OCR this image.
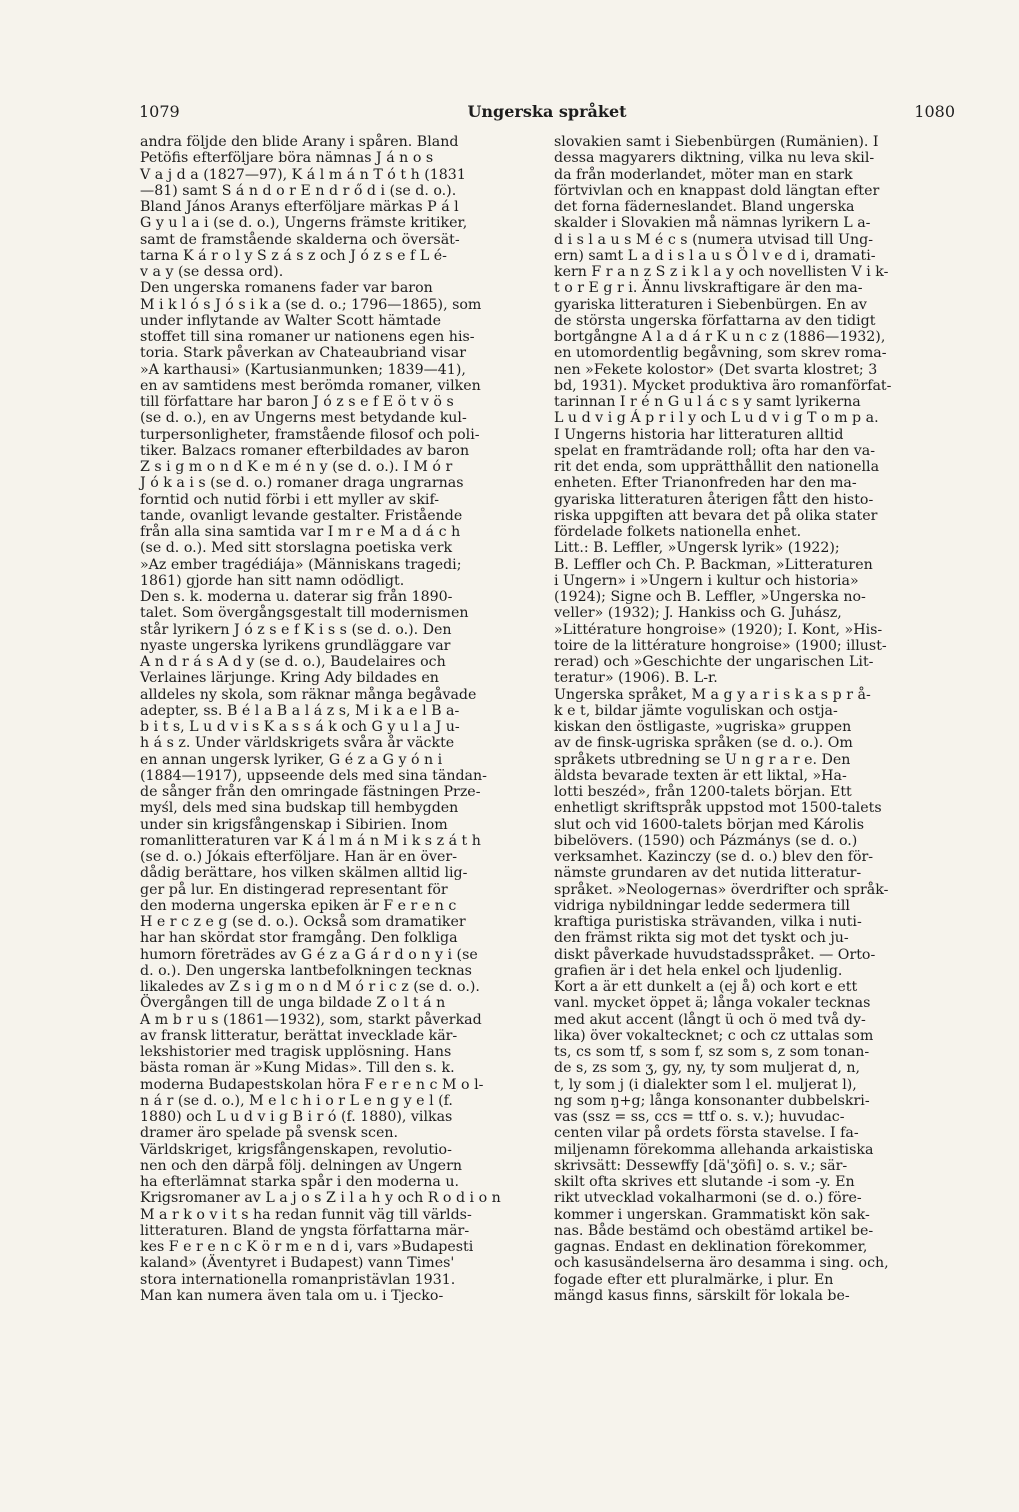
1079	Ungerska språket	1080
andra följde den blide Arany i spåren. Bland
Petöfis efterföljare böra nämnas J á n o s
V a j d a (1827—97), K á l m á n T ó t h (1831
—81) samt S á n d o r E n d r ő d i (se d. o.).
Bland János Aranys efterföljare märkas P á l
G y u l a i (se d. o.), Ungerns främste kritiker,
samt de framstående skalderna och översät-
tarna K á r o l y S z á s z och J ó z s e f L é-
v a y (se dessa ord).
Den ungerska romanens fader var baron
M i k l ó s J ó s i k a (se d. o.; 1796—1865), som
under inflytande av Walter Scott hämtade
stoffet till sina romaner ur nationens egen his-
toria. Stark påverkan av Chateaubriand visar
»A karthausi» (Kartusianmunken; 1839—41),
en av samtidens mest berömda romaner, vilken
till författare har baron J ó z s e f E ö t v ö s
(se d. o.), en av Ungerns mest betydande kul-
turpersonligheter, framstående filosof och poli-
tiker. Balzacs romaner efterbildades av baron
Z s i g m o n d K e m é n y (se d. o.). I M ó r
J ó k a i s (se d. o.) romaner draga ungrarnas
forntid och nutid förbi i ett myller av skif-
tande, ovanligt levande gestalter. Fristående
från alla sina samtida var I m r e M a d á c h
(se d. o.). Med sitt storslagna poetiska verk
»Az ember tragédiája» (Människans tragedi;
1861) gjorde han sitt namn odödligt.
Den s. k. moderna u. daterar sig från 1890-
talet. Som övergångsgestalt till modernismen
står lyrikern J ó z s e f K i s s (se d. o.). Den
nyaste ungerska lyrikens grundläggare var
A n d r á s A d y (se d. o.), Baudelaires och
Verlaines lärjunge. Kring Ady bildades en
alldeles ny skola, som räknar många begåvade
adepter, ss. B é l a B a l á z s, M i k a e l B a-
b i t s, L u d v i s K a s s á k och G y u l a J u-
h á s z. Under världskrigets svåra år väckte
en annan ungersk lyriker, G é z a G y ó n i
(1884—1917), uppseende dels med sina tändan-
de sånger från den omringade fästningen Prze-
myśl, dels med sina budskap till hembygden
under sin krigsfångenskap i Sibirien. Inom
romanlitteraturen var K á l m á n M i k s z á t h
(se d. o.) Jókais efterföljare. Han är en över-
dådig berättare, hos vilken skälmen alltid lig-
ger på lur. En distingerad representant för
den moderna ungerska epiken är F e r e n c
H e r c z e g (se d. o.). Också som dramatiker
har han skördat stor framgång. Den folkliga
humorn företrädes av G é z a G á r d o n y i (se
d. o.). Den ungerska lantbefolkningen tecknas
likaledes av Z s i g m o n d M ó r i c z (se d. o.).
Övergången till de unga bildade Z o l t á n
A m b r u s (1861—1932), som, starkt påverkad
av fransk litteratur, berättat invecklade kär-
lekshistorier med tragisk upplösning. Hans
bästa roman är »Kung Midas». Till den s. k.
moderna Budapestskolan höra F e r e n c M o l-
n á r (se d. o.), M e l c h i o r L e n g y e l (f.
1880) och L u d v i g B i r ó (f. 1880), vilkas
dramer äro spelade på svensk scen.
Världskriget, krigsfångenskapen, revolutio-
nen och den därpå följ. delningen av Ungern
ha efterlämnat starka spår i den moderna u.
Krigsromaner av L a j o s Z i l a h y och R o d i o n
M a r k o v i t s ha redan funnit väg till världs-
litteraturen. Bland de yngsta författarna mär-
kes F e r e n c K ö r m e n d i, vars »Budapesti
kaland» (Äventyret i Budapest) vann Times'
stora internationella romanpristävlan 1931.
Man kan numera även tala om u. i Tjecko-
slovakien samt i Siebenbürgen (Rumänien). I
dessa magyarers diktning, vilka nu leva skil-
da från moderlandet, möter man en stark
förtvivlan och en knappast dold längtan efter
det forna fäderneslandet. Bland ungerska
skalder i Slovakien må nämnas lyrikern L a-
d i s l a u s M é c s (numera utvisad till Ung-
ern) samt L a d i s l a u s Ö l v e d i, dramati-
kern F r a n z S z i k l a y och novellisten V i k-
t o r E g r i. Ännu livskraftigare är den ma-
gyariska litteraturen i Siebenbürgen. En av
de största ungerska författarna av den tidigt
bortgångne A l a d á r K u n c z (1886—1932),
en utomordentlig begåvning, som skrev roma-
nen »Fekete kolostor» (Det svarta klostret; 3
bd, 1931). Mycket produktiva äro romanförfat-
tarinnan I r é n G u l á c s y samt lyrikerna
L u d v i g Á p r i l y och L u d v i g T o m p a.
I Ungerns historia har litteraturen alltid
spelat en framträdande roll; ofta har den va-
rit det enda, som upprätthållit den nationella
enheten. Efter Trianonfreden har den ma-
gyariska litteraturen återigen fått den histo-
riska uppgiften att bevara det på olika stater
fördelade folkets nationella enhet.
Litt.: B. Leffler, »Ungersk lyrik» (1922);
B. Leffler och Ch. P. Backman, »Litteraturen
i Ungern» i »Ungern i kultur och historia»
(1924); Signe och B. Leffler, »Ungerska no-
veller» (1932); J. Hankiss och G. Juhász,
»Littérature hongroise» (1920); I. Kont, »His-
toire de la littérature hongroise» (1900; illust-
rerad) och »Geschichte der ungarischen Lit-
teratur» (1906). B. L-r.
Ungerska språket, M a g y a r i s k a s p r å-
k e t, bildar jämte voguliskan och ostja-
kiskan den östligaste, »ugriska» gruppen
av de finsk-ugriska språken (se d. o.). Om
språkets utbredning se U n g r a r e. Den
äldsta bevarade texten är ett liktal, »Ha-
lotti beszéd», från 1200-talets början. Ett
enhetligt skriftspråk uppstod mot 1500-talets
slut och vid 1600-talets början med Károlis
bibelövers. (1590) och Pázmánys (se d. o.)
verksamhet. Kazinczy (se d. o.) blev den för-
nämste grundaren av det nutida litteratur-
språket. »Neologernas» överdrifter och språk-
vidriga nybildningar ledde sedermera till
kraftiga puristiska strävanden, vilka i nuti-
den främst rikta sig mot det tyskt och ju-
diskt påverkade huvudstadsspråket. — Orto-
grafien är i det hela enkel och ljudenlig.
Kort a är ett dunkelt a (ej å) och kort e ett
vanl. mycket öppet ä; långa vokaler tecknas
med akut accent (långt ü och ö med två dy-
lika) över vokaltecknet; c och cz uttalas som
ts, cs som tf, s som f, sz som s, z som tonan-
de s, zs som ʒ, gy, ny, ty som muljerat d, n,
t, ly som j (i dialekter som l el. muljerat l),
ng som ŋ+g; långa konsonanter dubbelskri-
vas (ssz = ss, ccs = ttf o. s. v.); huvudac-
centen vilar på ordets första stavelse. I fa-
miljenamn förekomma allehanda arkaistiska
skrivsätt: Dessewffy [dä'ʒöfi] o. s. v.; sär-
skilt ofta skrives ett slutande -i som -y. En
rikt utvecklad vokalharmoni (se d. o.) före-
kommer i ungerskan. Grammatiskt kön sak-
nas. Både bestämd och obestämd artikel be-
gagnas. Endast en deklination förekommer,
och kasusändelserna äro desamma i sing. och,
fogade efter ett pluralmärke, i plur. En
mängd kasus finns, särskilt för lokala be-
